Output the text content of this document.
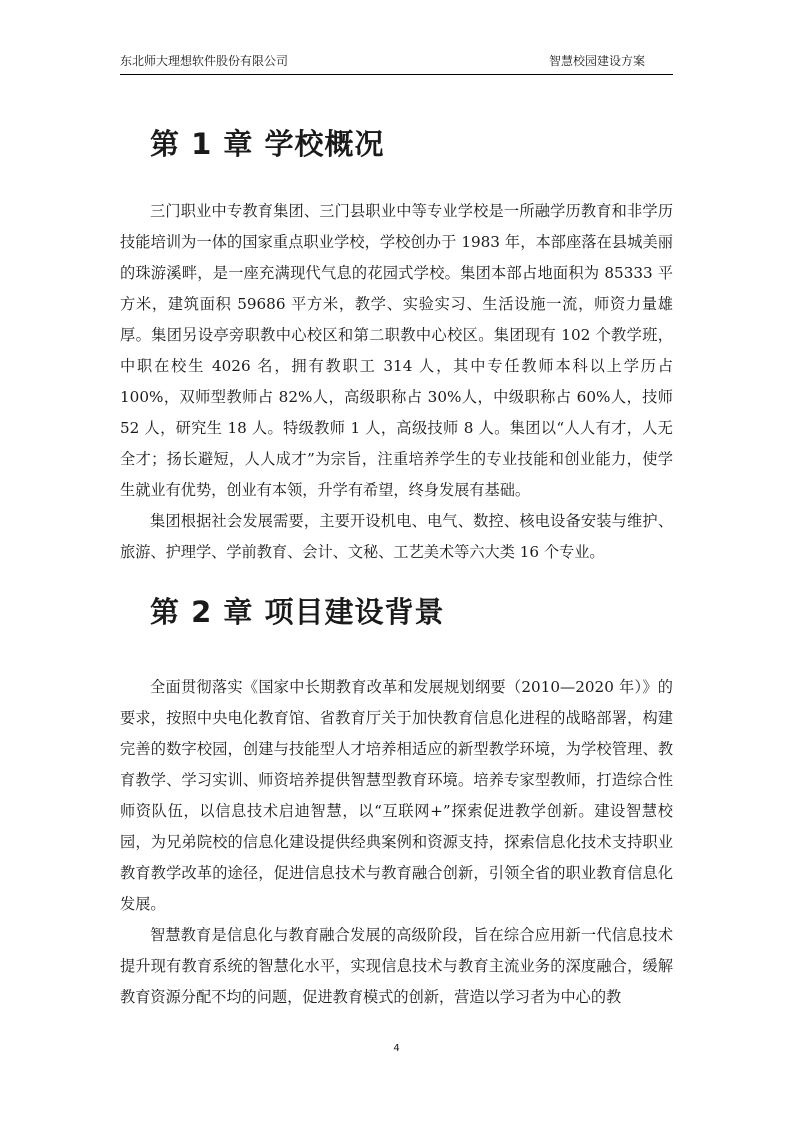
东北师大理想软件股份有限公司	智慧校园建设方案
第 1 章 学校概况

三门职业中专教育集团、三门县职业中等专业学校是一所融学历教育和非学历技能培训为一体的国家重点职业学校，学校创办于 1983 年，本部座落在县城美丽的珠游溪畔，是一座充满现代气息的花园式学校。集团本部占地面积为 85333 平方米，建筑面积 59686 平方米，教学、实验实习、生活设施一流，师资力量雄厚。集团另设亭旁职教中心校区和第二职教中心校区。集团现有 102 个教学班，中职在校生 4026 名，拥有教职工 314 人，其中专任教师本科以上学历占 100%，双师型教师占 82%人，高级职称占 30%人，中级职称占 60%人，技师 52 人，研究生 18 人。特级教师 1 人，高级技师 8 人。集团以“人人有才，人无全才；扬长避短，人人成才”为宗旨，注重培养学生的专业技能和创业能力，使学生就业有优势，创业有本领，升学有希望，终身发展有基础。

集团根据社会发展需要，主要开设机电、电气、数控、核电设备安装与维护、旅游、护理学、学前教育、会计、文秘、工艺美术等六大类 16 个专业。

第 2 章 项目建设背景

全面贯彻落实《国家中长期教育改革和发展规划纲要（2010—2020 年）》的要求，按照中央电化教育馆、省教育厅关于加快教育信息化进程的战略部署，构建完善的数字校园，创建与技能型人才培养相适应的新型教学环境，为学校管理、教育教学、学习实训、师资培养提供智慧型教育环境。培养专家型教师，打造综合性师资队伍，以信息技术启迪智慧，以“互联网+”探索促进教学创新。建设智慧校园，为兄弟院校的信息化建设提供经典案例和资源支持，探索信息化技术支持职业教育教学改革的途径，促进信息技术与教育融合创新，引领全省的职业教育信息化发展。

智慧教育是信息化与教育融合发展的高级阶段，旨在综合应用新一代信息技术提升现有教育系统的智慧化水平，实现信息技术与教育主流业务的深度融合，缓解教育资源分配不均的问题，促进教育模式的创新，营造以学习者为中心的教

4
